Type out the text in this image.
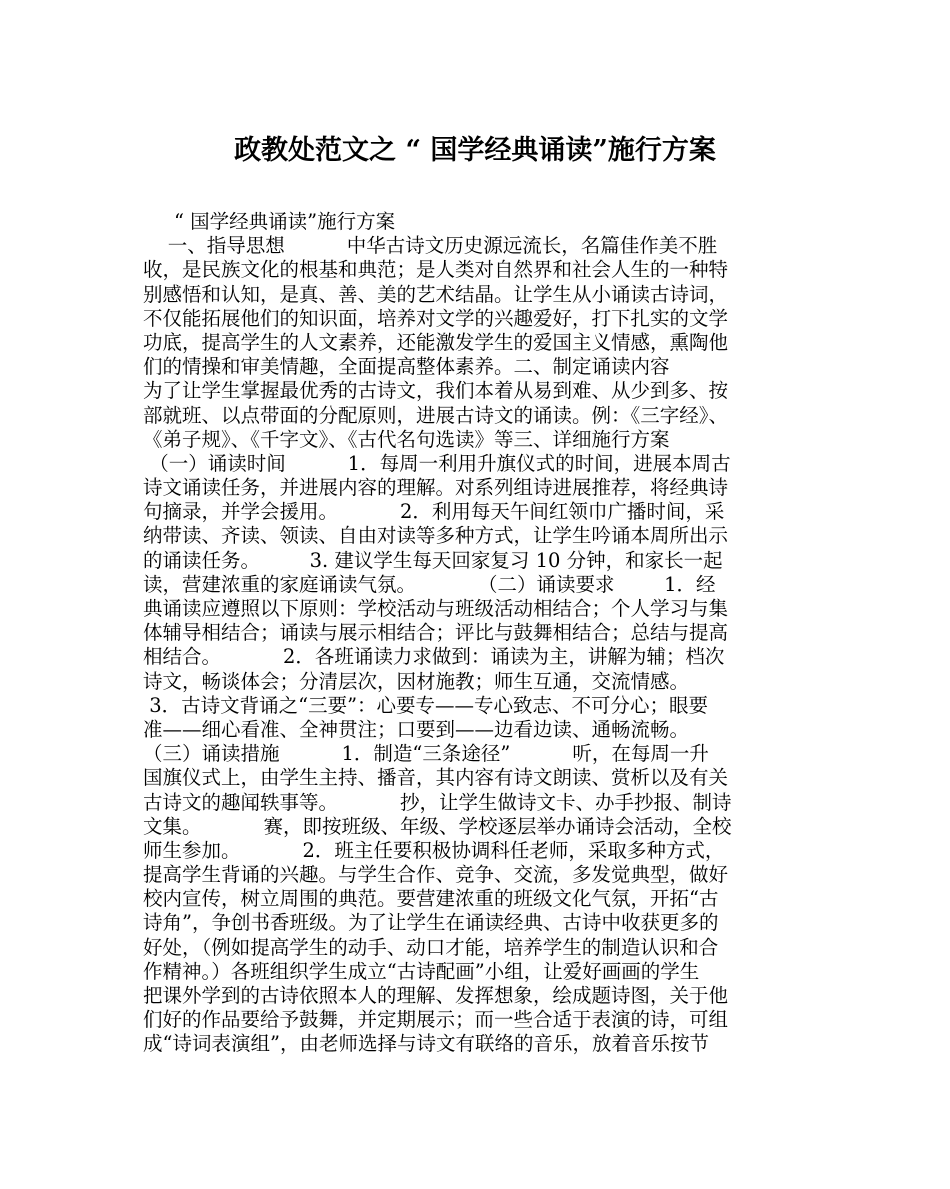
政教处范文之 “ 国学经典诵读”施行方案
“ 国学经典诵读”施行方案
一、指导思想          中华古诗文历史源远流长，名篇佳作美不胜
收，是民族文化的根基和典范；是人类对自然界和社会人生的一种特
别感悟和认知，是真、善、美的艺术结晶。让学生从小诵读古诗词，
不仅能拓展他们的知识面，培养对文学的兴趣爱好，打下扎实的文学
功底，提高学生的人文素养，还能激发学生的爱国主义情感，熏陶他
们的情操和审美情趣，全面提高整体素养。二、制定诵读内容
为了让学生掌握最优秀的古诗文，我们本着从易到难、从少到多、按
部就班、以点带面的分配原则，进展古诗文的诵读。例：《三字经》、
《弟子规》、《千字文》、《古代名句选读》等三、详细施行方案
（一）诵读时间          1．每周一利用升旗仪式的时间，进展本周古
诗文诵读任务，并进展内容的理解。对系列组诗进展推荐，将经典诗
句摘录，并学会援用。          2．利用每天午间红领巾广播时间，采
纳带读、齐读、领读、自由对读等多种方式，让学生吟诵本周所出示
的诵读任务。        3. 建议学生每天回家复习 10 分钟，和家长一起
读，营建浓重的家庭诵读气氛。          （二）诵读要求        1．经
典诵读应遵照以下原则：学校活动与班级活动相结合；个人学习与集
体辅导相结合；诵读与展示相结合；评比与鼓舞相结合；总结与提高
相结合。          2．各班诵读力求做到：诵读为主，讲解为辅；档次
诗文，畅谈体会；分清层次，因材施教；师生互通，交流情感。
3．古诗文背诵之“三要”：心要专——专心致志、不可分心；眼要
准——细心看准、全神贯注；口要到——边看边读、通畅流畅。
（三）诵读措施          1．制造“三条途径”          听，在每周一升
国旗仪式上，由学生主持、播音，其内容有诗文朗读、赏析以及有关
古诗文的趣闻轶事等。          抄，让学生做诗文卡、办手抄报、制诗
文集。          赛，即按班级、年级、学校逐层举办诵诗会活动，全校
师生参加。          2．班主任要积极协调科任老师，采取多种方式，
提高学生背诵的兴趣。与学生合作、竞争、交流，多发觉典型，做好
校内宣传，树立周围的典范。要营建浓重的班级文化气氛，开拓“古
诗角”，争创书香班级。为了让学生在诵读经典、古诗中收获更多的
好处，（例如提高学生的动手、动口才能，培养学生的制造认识和合
作精神。）各班组织学生成立“古诗配画”小组，让爱好画画的学生
把课外学到的古诗依照本人的理解、发挥想象，绘成题诗图，关于他
们好的作品要给予鼓舞，并定期展示；而一些合适于表演的诗，可组
成“诗词表演组”，由老师选择与诗文有联络的音乐，放着音乐按节
